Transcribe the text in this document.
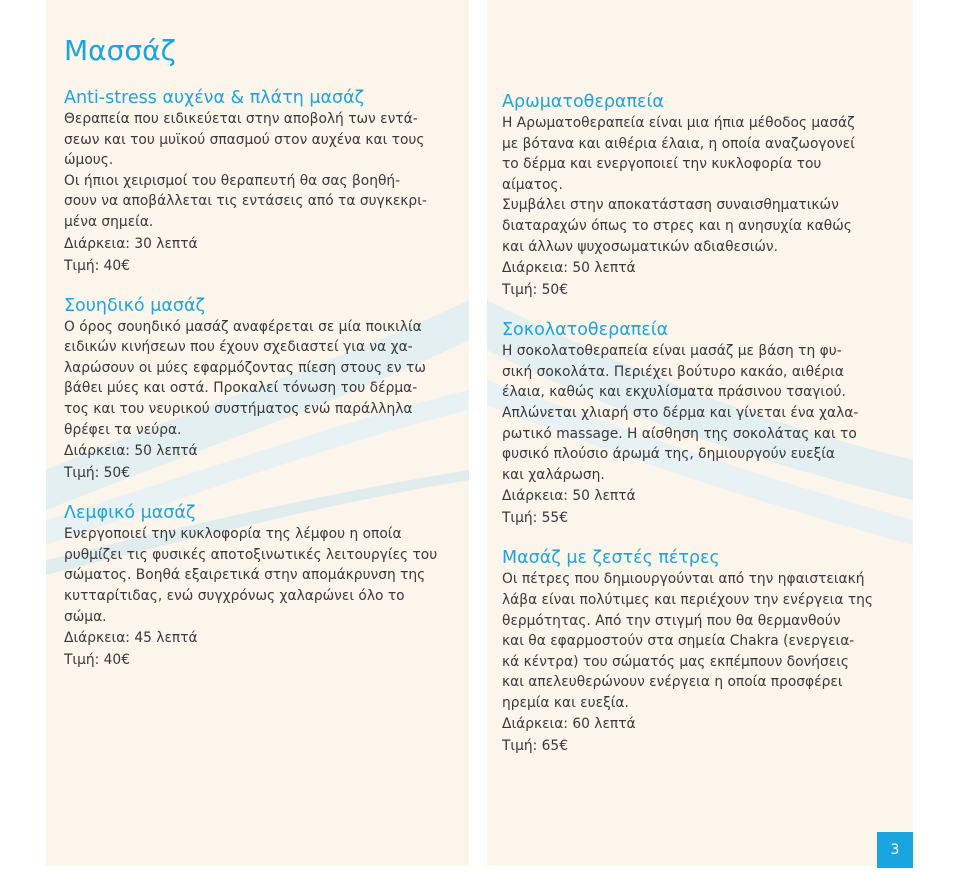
Μασσάζ
Anti-stress αυχένα & πλάτη μασάζ

Θεραπεία που ειδικεύεται στην αποβολή των εντά-

σεων και του μυϊκού σπασμού στον αυχένα και τους

ώμους.

Οι ήπιοι χειρισμοί του θεραπευτή θα σας βοηθή-

σουν να αποβάλλεται τις εντάσεις από τα συγκεκρι-

μένα σημεία.

Διάρκεια: 30 λεπτά
Τιμή: 40€
Σουηδικό μασάζ

Ο όρος σουηδικό μασάζ αναφέρεται σε μία ποικιλία

ειδικών κινήσεων που έχουν σχεδιαστεί για να χα-

λαρώσουν οι μύες εφαρμόζοντας πίεση στους εν τω

βάθει μύες και οστά. Προκαλεί τόνωση του δέρμα-

τος και του νευρικού συστήματος ενώ παράλληλα

θρέφει τα νεύρα.

Διάρκεια: 50 λεπτά
Τιμή: 50€
Λεμφικό μασάζ

Ενεργοποιεί την κυκλοφορία της λέμφου η οποία

ρυθμίζει τις φυσικές αποτοξινωτικές λειτουργίες του

σώματος. Βοηθά εξαιρετικά στην απομάκρυνση της

κυτταρίτιδας, ενώ συγχρόνως χαλαρώνει όλο το

σώμα.

Διάρκεια: 45 λεπτά
Τιμή: 40€
Αρωματοθεραπεία

Η Αρωματοθεραπεία είναι μια ήπια μέθοδος μασάζ

με βότανα και αιθέρια έλαια, η οποία αναζωογονεί

το δέρμα και ενεργοποιεί την κυκλοφορία του

αίματος.

Συμβάλει στην αποκατάσταση συναισθηματικών

διαταραχών όπως το στρες και η ανησυχία καθώς

και άλλων ψυχοσωματικών αδιαθεσιών.

Διάρκεια: 50 λεπτά
Τιμή: 50€
Σοκολατοθεραπεία

Η σοκολατοθεραπεία είναι μασάζ με βάση τη φυ-

σική σοκολάτα. Περιέχει βούτυρο κακάο, αιθέρια

έλαια, καθώς και εκχυλίσματα πράσινου τσαγιού.

Απλώνεται χλιαρή στο δέρμα και γίνεται ένα χαλα-

ρωτικό massage. Η αίσθηση της σοκολάτας και το

φυσικό πλούσιο άρωμά της, δημιουργούν ευεξία

και χαλάρωση.

Διάρκεια: 50 λεπτά
Τιμή: 55€
Μασάζ με ζεστές πέτρες

Οι πέτρες που δημιουργούνται από την ηφαιστειακή

λάβα είναι πολύτιμες και περιέχουν την ενέργεια της

θερμότητας. Από την στιγμή που θα θερμανθούν

και θα εφαρμοστούν στα σημεία Chakra (ενεργεια-

κά κέντρα) του σώματός μας εκπέμπουν δονήσεις

και απελευθερώνουν ενέργεια η οποία προσφέρει

ηρεμία και ευεξία.

Διάρκεια: 60 λεπτά
Τιμή: 65€
3
